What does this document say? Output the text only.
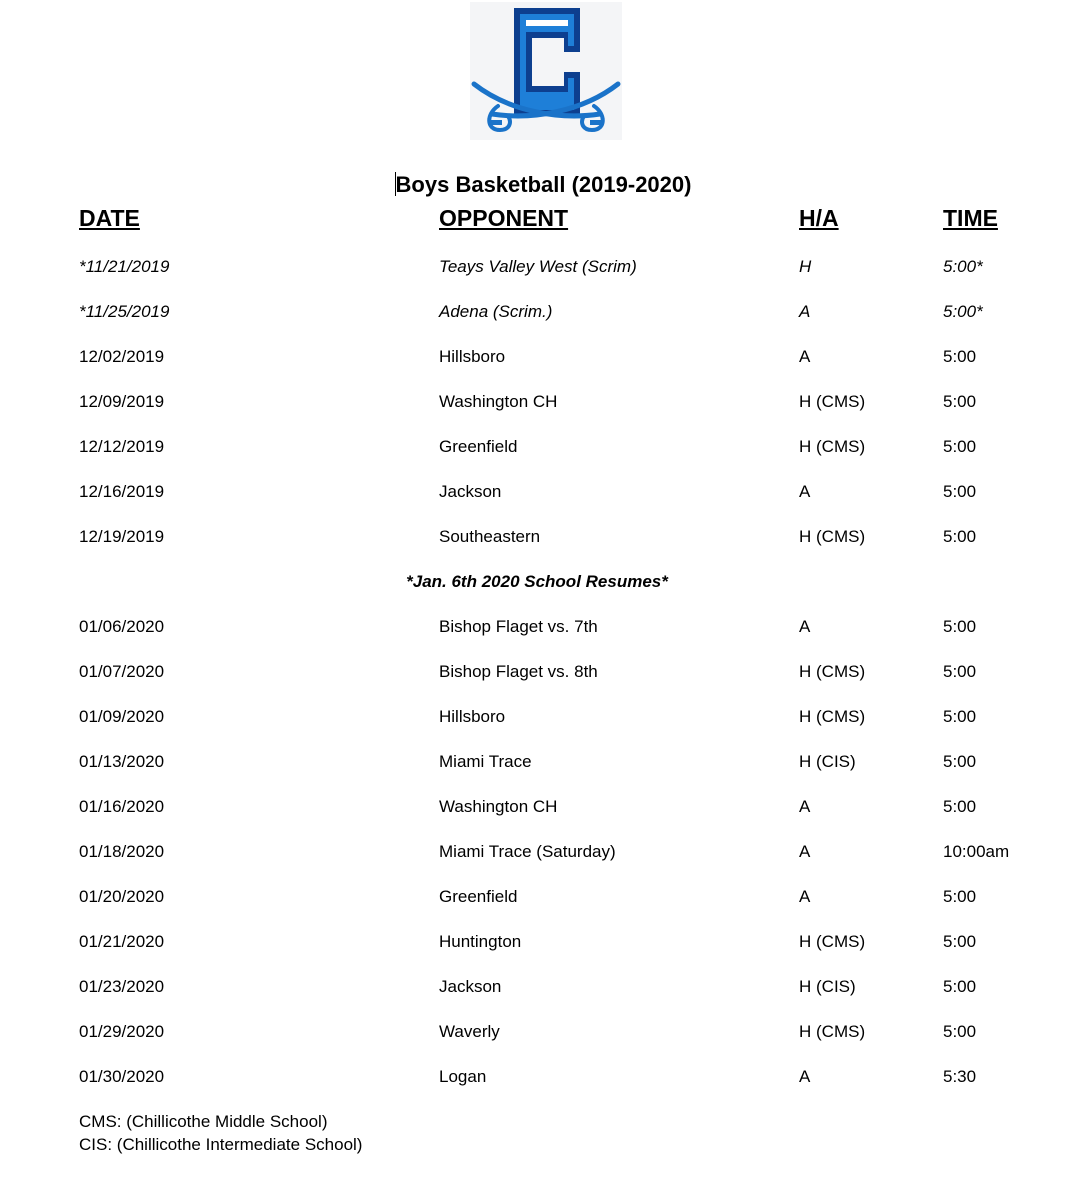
Boys Basketball (2019-2020)
DATE	OPPONENT	H/A	TIME
*11/21/2019	Teays Valley West (Scrim)	H	5:00*
*11/25/2019	Adena (Scrim.)	A	5:00*
12/02/2019	Hillsboro	A	5:00
12/09/2019	Washington CH	H (CMS)	5:00
12/12/2019	Greenfield	H (CMS)	5:00
12/16/2019	Jackson	A	5:00
12/19/2019	Southeastern	H (CMS)	5:00
*Jan. 6th 2020 School Resumes*
01/06/2020	Bishop Flaget vs. 7th	A	5:00
01/07/2020	Bishop Flaget vs. 8th	H (CMS)	5:00
01/09/2020	Hillsboro	H (CMS)	5:00
01/13/2020	Miami Trace	H (CIS)	5:00
01/16/2020	Washington CH	A	5:00
01/18/2020	Miami Trace (Saturday)	A	10:00am
01/20/2020	Greenfield	A	5:00
01/21/2020	Huntington	H (CMS)	5:00
01/23/2020	Jackson	H (CIS)	5:00
01/29/2020	Waverly	H (CMS)	5:00
01/30/2020	Logan	A	5:30
CMS: (Chillicothe Middle School)
CIS: (Chillicothe Intermediate School)
